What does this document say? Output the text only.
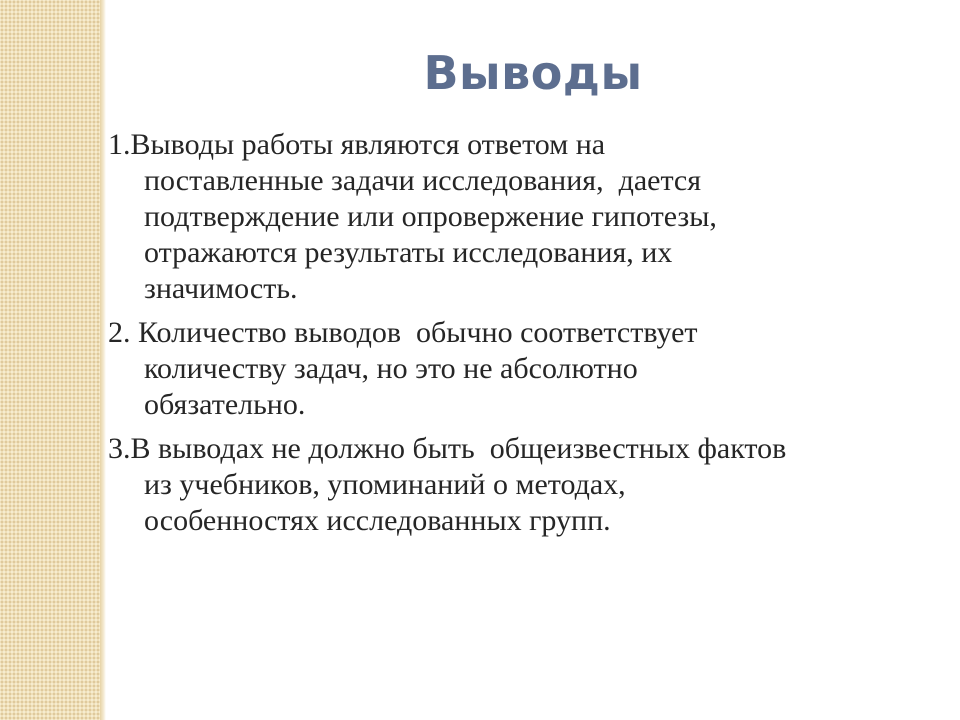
Выводы
1.Выводы работы являются ответом на
поставленные задачи исследования,  дается
подтверждение или опровержение гипотезы,
отражаются результаты исследования, их
значимость.
2. Количество выводов  обычно соответствует
количеству задач, но это не абсолютно
обязательно.
3.В выводах не должно быть  общеизвестных фактов
из учебников, упоминаний о методах,
особенностях исследованных групп.
